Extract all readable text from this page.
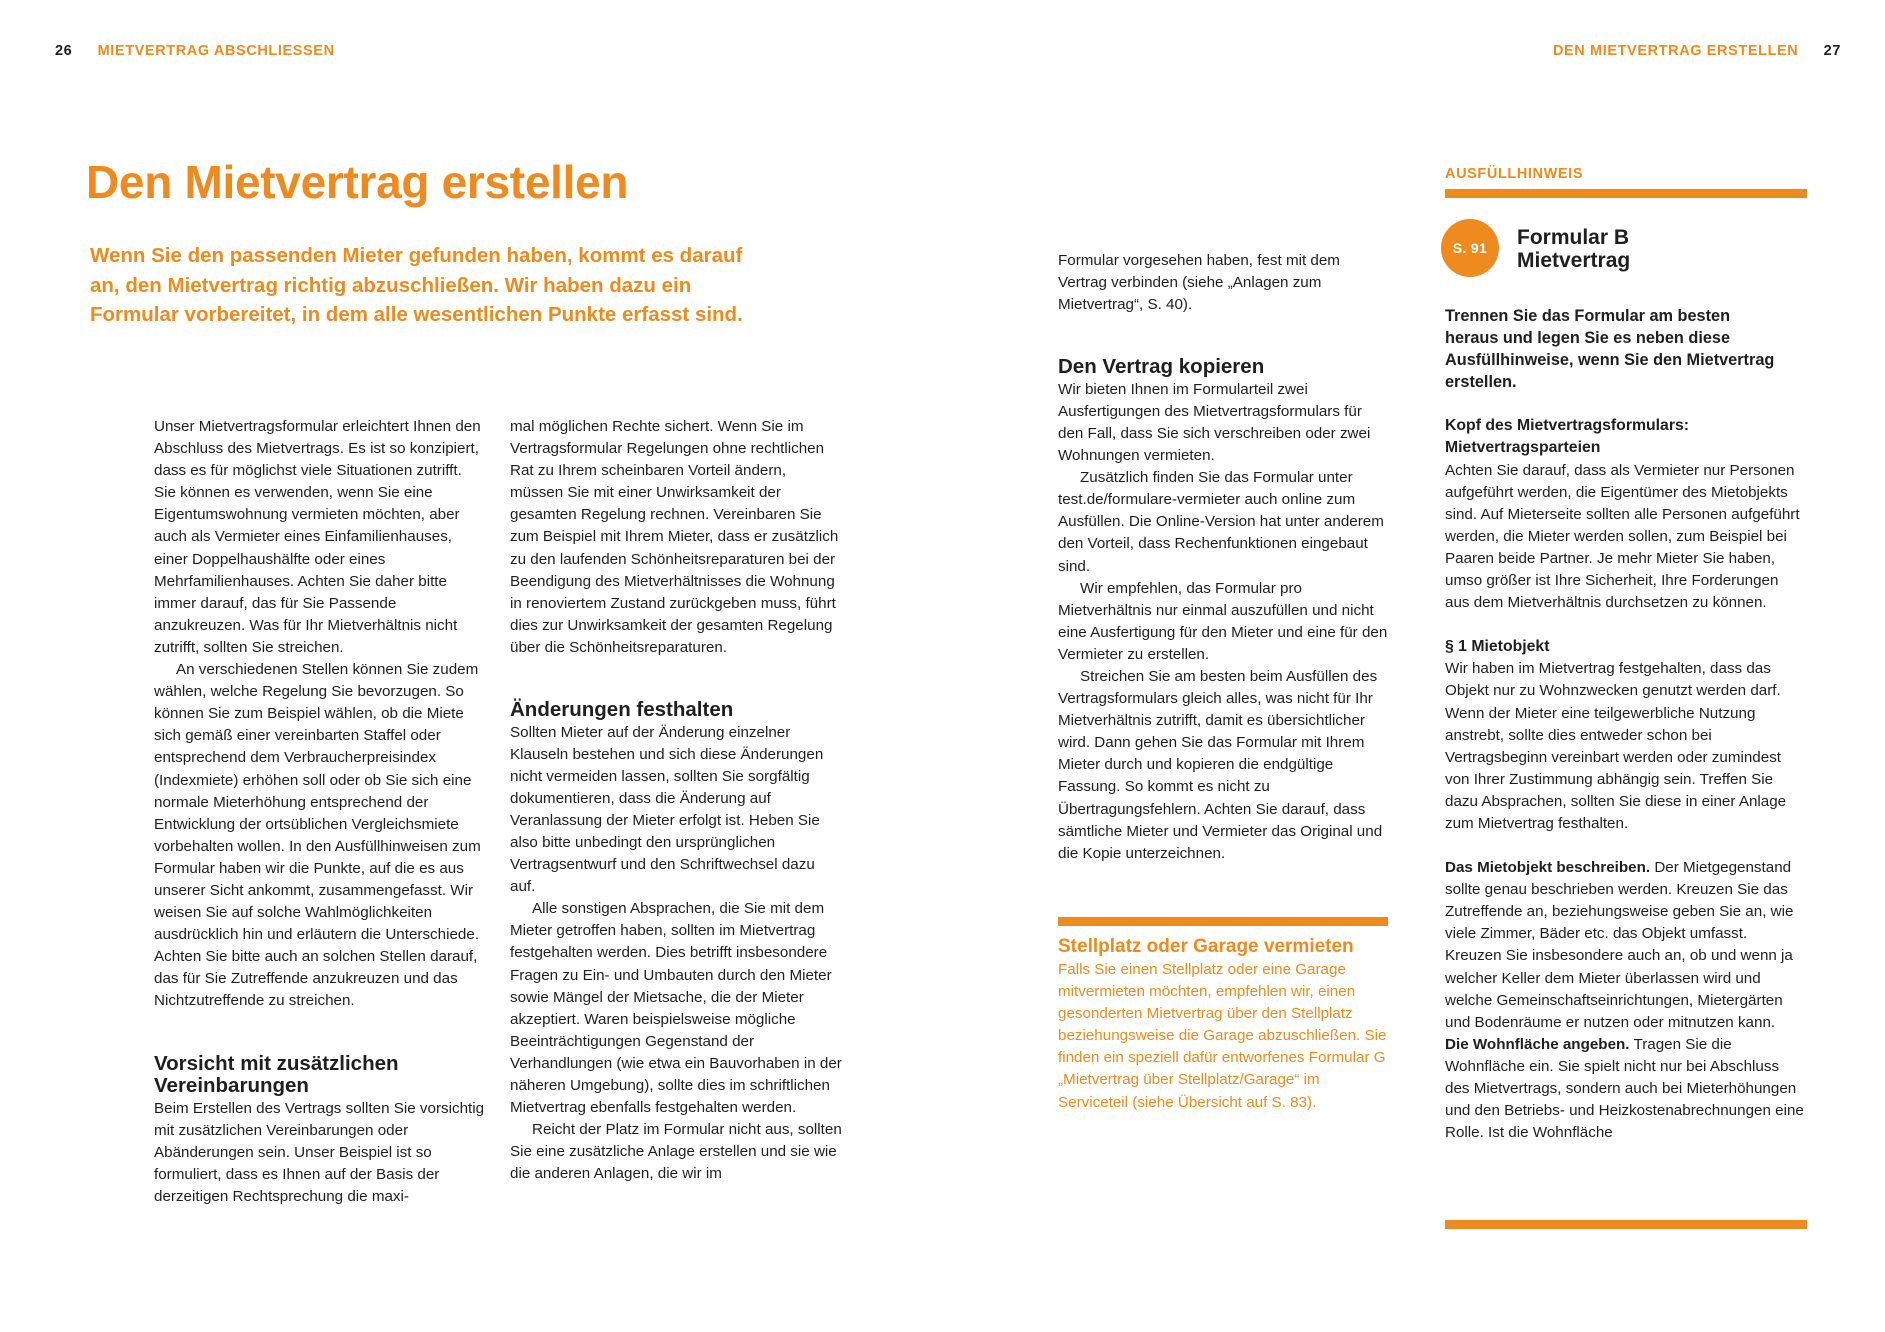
26 MIETVERTRAG ABSCHLIESSEN	DEN MIETVERTRAG ERSTELLEN 27
Den Mietvertrag erstellen
Wenn Sie den passenden Mieter gefunden haben, kommt es darauf an, den Mietvertrag richtig abzuschließen. Wir haben dazu ein Formular vorbereitet, in dem alle wesentlichen Punkte erfasst sind.

Unser Mietvertragsformular erleichtert Ihnen den Abschluss des Mietvertrags. Es ist so konzipiert, dass es für möglichst viele Situationen zutrifft. Sie können es verwenden, wenn Sie eine Eigentumswohnung vermieten möchten, aber auch als Vermieter eines Einfamilienhauses, einer Doppelhaushälfte oder eines Mehrfamilienhauses. Achten Sie daher bitte immer darauf, das für Sie Passende anzukreuzen. Was für Ihr Mietverhältnis nicht zutrifft, sollten Sie streichen.

An verschiedenen Stellen können Sie zudem wählen, welche Regelung Sie bevorzugen. So können Sie zum Beispiel wählen, ob die Miete sich gemäß einer vereinbarten Staffel oder entsprechend dem Verbraucherpreisindex (Indexmiete) erhöhen soll oder ob Sie sich eine normale Mieterhöhung entsprechend der Entwicklung der ortsüblichen Vergleichsmiete vorbehalten wollen. In den Ausfüllhinweisen zum Formular haben wir die Punkte, auf die es aus unserer Sicht ankommt, zusammengefasst. Wir weisen Sie auf solche Wahlmöglichkeiten ausdrücklich hin und erläutern die Unterschiede. Achten Sie bitte auch an solchen Stellen darauf, das für Sie Zutreffende anzukreuzen und das Nichtzutreffende zu streichen.

Vorsicht mit zusätzlichen Vereinbarungen

Beim Erstellen des Vertrags sollten Sie vorsichtig mit zusätzlichen Vereinbarungen oder Abänderungen sein. Unser Beispiel ist so formuliert, dass es Ihnen auf der Basis der derzeitigen Rechtsprechung die maxi-

mal möglichen Rechte sichert. Wenn Sie im Vertragsformular Regelungen ohne rechtlichen Rat zu Ihrem scheinbaren Vorteil ändern, müssen Sie mit einer Unwirksamkeit der gesamten Regelung rechnen. Vereinbaren Sie zum Beispiel mit Ihrem Mieter, dass er zusätzlich zu den laufenden Schönheitsreparaturen bei der Beendigung des Mietverhältnisses die Wohnung in renoviertem Zustand zurückgeben muss, führt dies zur Unwirksamkeit der gesamten Regelung über die Schönheitsreparaturen.

Änderungen festhalten

Sollten Mieter auf der Änderung einzelner Klauseln bestehen und sich diese Änderungen nicht vermeiden lassen, sollten Sie sorgfältig dokumentieren, dass die Änderung auf Veranlassung der Mieter erfolgt ist. Heben Sie also bitte unbedingt den ursprünglichen Vertragsentwurf und den Schriftwechsel dazu auf.

Alle sonstigen Absprachen, die Sie mit dem Mieter getroffen haben, sollten im Mietvertrag festgehalten werden. Dies betrifft insbesondere Fragen zu Ein- und Umbauten durch den Mieter sowie Mängel der Mietsache, die der Mieter akzeptiert. Waren beispielsweise mögliche Beeinträchtigungen Gegenstand der Verhandlungen (wie etwa ein Bauvorhaben in der näheren Umgebung), sollte dies im schriftlichen Mietvertrag ebenfalls festgehalten werden.

Reicht der Platz im Formular nicht aus, sollten Sie eine zusätzliche Anlage erstellen und sie wie die anderen Anlagen, die wir im

Formular vorgesehen haben, fest mit dem Vertrag verbinden (siehe „Anlagen zum Mietvertrag“, S. 40).

Den Vertrag kopieren

Wir bieten Ihnen im Formularteil zwei Ausfertigungen des Mietvertragsformulars für den Fall, dass Sie sich verschreiben oder zwei Wohnungen vermieten.

Zusätzlich finden Sie das Formular unter test.de/formulare-vermieter auch online zum Ausfüllen. Die Online-Version hat unter anderem den Vorteil, dass Rechenfunktionen eingebaut sind.

Wir empfehlen, das Formular pro Mietverhältnis nur einmal auszufüllen und nicht eine Ausfertigung für den Mieter und eine für den Vermieter zu erstellen.

Streichen Sie am besten beim Ausfüllen des Vertragsformulars gleich alles, was nicht für Ihr Mietverhältnis zutrifft, damit es übersichtlicher wird. Dann gehen Sie das Formular mit Ihrem Mieter durch und kopieren die endgültige Fassung. So kommt es nicht zu Übertragungsfehlern. Achten Sie darauf, dass sämtliche Mieter und Vermieter das Original und die Kopie unterzeichnen.

Stellplatz oder Garage vermieten
Falls Sie einen Stellplatz oder eine Garage mitvermieten möchten, empfehlen wir, einen gesonderten Mietvertrag über den Stellplatz beziehungsweise die Garage abzuschließen. Sie finden ein speziell dafür entworfenes Formular G „Mietvertrag über Stellplatz/Garage“ im Serviceteil (siehe Übersicht auf S. 83).
AUSFÜLLHINWEIS
S. 91 Formular B
Mietvertrag
Trennen Sie das Formular am besten heraus und legen Sie es neben diese Ausfüllhinweise, wenn Sie den Mietvertrag erstellen.
Kopf des Mietvertragsformulars: Mietvertragsparteien

Achten Sie darauf, dass als Vermieter nur Personen aufgeführt werden, die Eigentümer des Mietobjekts sind. Auf Mieterseite sollten alle Personen aufgeführt werden, die Mieter werden sollen, zum Beispiel bei Paaren beide Partner. Je mehr Mieter Sie haben, umso größer ist Ihre Sicherheit, Ihre Forderungen aus dem Mietverhältnis durchsetzen zu können.

§ 1 Mietobjekt

Wir haben im Mietvertrag festgehalten, dass das Objekt nur zu Wohnzwecken genutzt werden darf. Wenn der Mieter eine teilgewerbliche Nutzung anstrebt, sollte dies entweder schon bei Vertragsbeginn vereinbart werden oder zumindest von Ihrer Zustimmung abhängig sein. Treffen Sie dazu Absprachen, sollten Sie diese in einer Anlage zum Mietvertrag festhalten.

Das Mietobjekt beschreiben. Der Mietgegenstand sollte genau beschrieben werden. Kreuzen Sie das Zutreffende an, beziehungsweise geben Sie an, wie viele Zimmer, Bäder etc. das Objekt umfasst. Kreuzen Sie insbesondere auch an, ob und wenn ja welcher Keller dem Mieter überlassen wird und welche Gemeinschaftseinrichtungen, Mietergärten und Bodenräume er nutzen oder mitnutzen kann.

Die Wohnfläche angeben. Tragen Sie die Wohnfläche ein. Sie spielt nicht nur bei Abschluss des Mietvertrags, sondern auch bei Mieterhöhungen und den Betriebs- und Heizkostenabrechnungen eine Rolle. Ist die Wohnfläche
